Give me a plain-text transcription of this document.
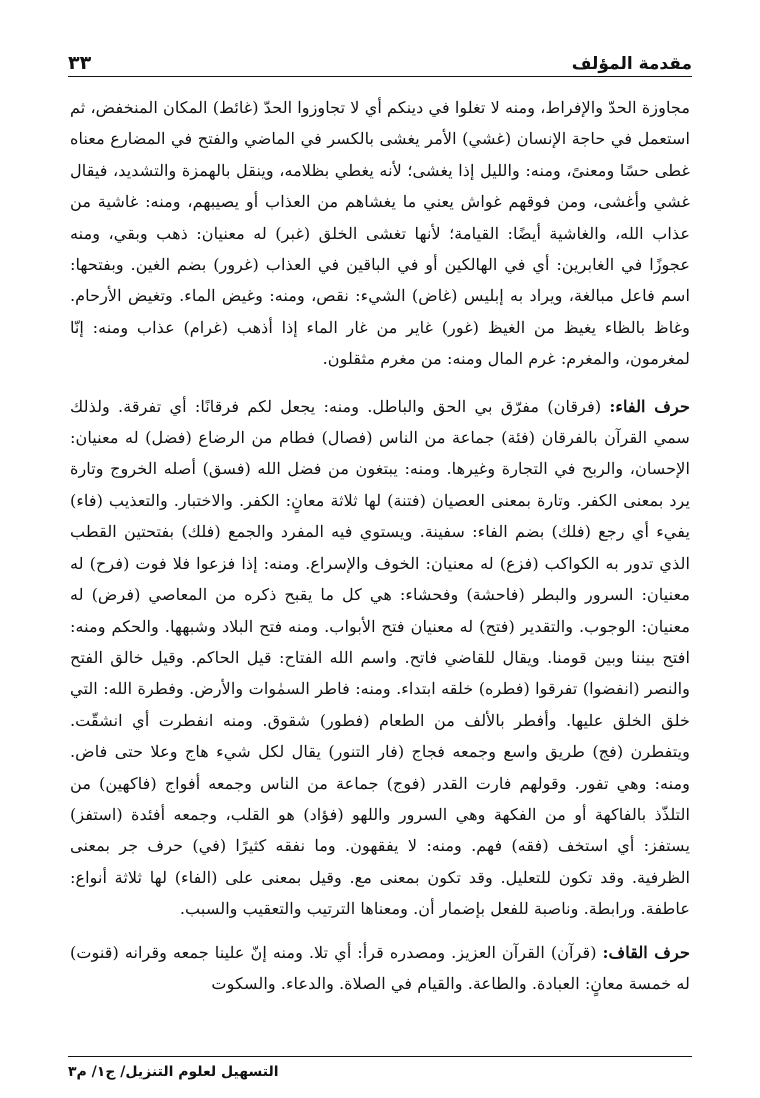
مقدمة المؤلف
٣٣

مجاوزة الحدّ والإفراط، ومنه لا تغلوا في دينكم أي لا تجاوزوا الحدّ (غائط) المكان المنخفض، ثم استعمل في حاجة الإنسان (غشي) الأمر يغشى بالكسر في الماضي والفتح في المضارع معناه غطى حسًا ومعنىً، ومنه: والليل إذا يغشى؛ لأنه يغطي بظلامه، وينقل بالهمزة والتشديد، فيقال غشي وأغشى، ومن فوقهم غواش يعني ما يغشاهم من العذاب أو يصيبهم، ومنه: غاشية من عذاب الله، والغاشية أيضًا: القيامة؛ لأنها تغشى الخلق (غبر) له معنيان: ذهب وبقي، ومنه عجوزًا في الغابرين: أي في الهالكين أو في الباقين في العذاب (غرور) بضم الغين. وبفتحها: اسم فاعل مبالغة، ويراد به إبليس (غاض) الشيء: نقص، ومنه: وغيض الماء. وتغيض الأرحام. وغاظ بالظاء يغيظ من الغيظ (غور) غاير من غار الماء إذا أذهب (غرام) عذاب ومنه: إنّا لمغرمون، والمغرم: غرم المال ومنه: من مغرم مثقلون.

حرف الفاء: (فرقان) مفرّق بي الحق والباطل. ومنه: يجعل لكم فرقانًا: أي تفرقة. ولذلك سمي القرآن بالفرقان (فئة) جماعة من الناس (فصال) فطام من الرضاع (فضل) له معنيان: الإحسان، والربح في التجارة وغيرها. ومنه: يبتغون من فضل الله (فسق) أصله الخروج وتارة يرد بمعنى الكفر. وتارة بمعنى العصيان (فتنة) لها ثلاثة معانٍ: الكفر. والاختبار. والتعذيب (فاء) يفيء أي رجع (فلك) بضم الفاء: سفينة. ويستوي فيه المفرد والجمع (فلك) بفتحتين القطب الذي تدور به الكواكب (فزع) له معنيان: الخوف والإسراع. ومنه: إذا فزعوا فلا فوت (فرح) له معنيان: السرور والبطر (فاحشة) وفحشاء: هي كل ما يقبح ذكره من المعاصي (فرض) له معنيان: الوجوب. والتقدير (فتح) له معنيان فتح الأبواب. ومنه فتح البلاد وشبهها. والحكم ومنه: افتح بيننا وبين قومنا. ويقال للقاضي فاتح. واسم الله الفتاح: قيل الحاكم. وقيل خالق الفتح والنصر (انفضوا) تفرقوا (فطره) خلقه ابتداء. ومنه: فاطر السمٰوات والأرض. وفطرة الله: التي خلق الخلق عليها. وأفطر بالألف من الطعام (فطور) شقوق. ومنه انفطرت أي انشقّت. ويتفطرن (فج) طريق واسع وجمعه فجاج (فار التنور) يقال لكل شيء هاج وعلا حتى فاض. ومنه: وهي تفور. وقولهم فارت القدر (فوج) جماعة من الناس وجمعه أفواج (فاكهين) من التلذّذ بالفاكهة أو من الفكهة وهي السرور واللهو (فؤاد) هو القلب، وجمعه أفئدة (استفز) يستفز: أي استخف (فقه) فهم. ومنه: لا يفقهون. وما نفقه كثيرًا (في) حرف جر بمعنى الظرفية. وقد تكون للتعليل. وقد تكون بمعنى مع. وقيل بمعنى على (الفاء) لها ثلاثة أنواع: عاطفة. ورابطة. وناصبة للفعل بإضمار أن. ومعناها الترتيب والتعقيب والسبب.

حرف القاف: (قرآن) القرآن العزيز. ومصدره قرأ: أي تلا. ومنه إنّ علينا جمعه وقرانه (قنوت) له خمسة معانٍ: العبادة. والطاعة. والقيام في الصلاة. والدعاء. والسكوت

التسهيل لعلوم التنزيل/ ج١/ م٣
